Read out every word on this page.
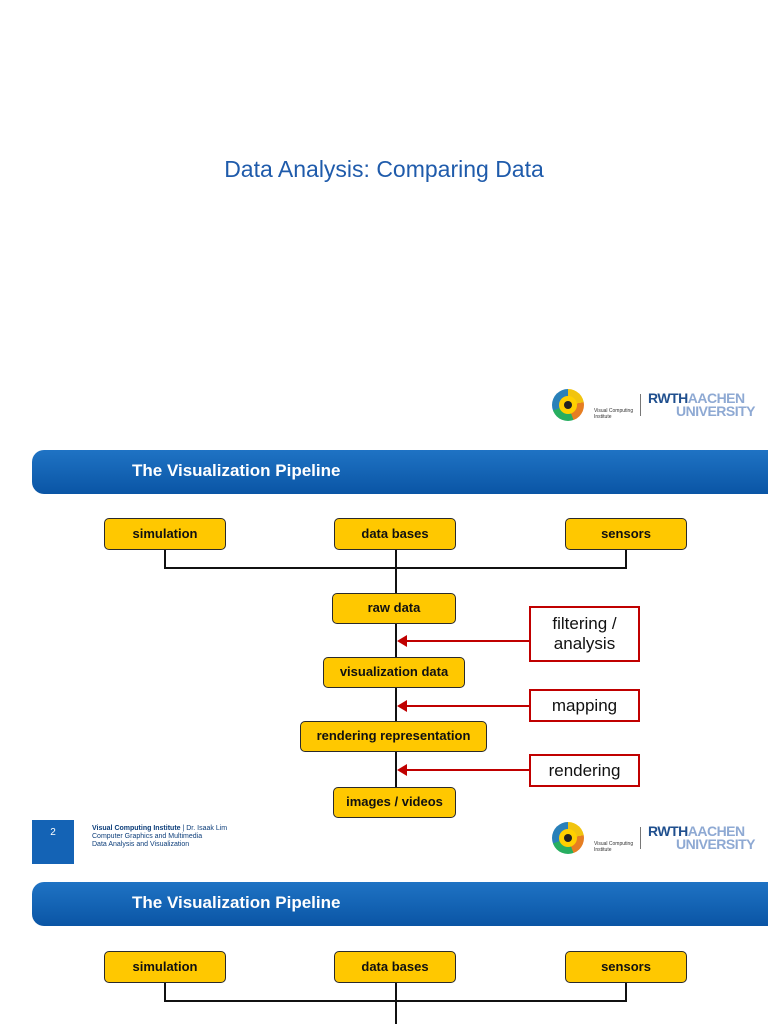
Data Analysis: Comparing Data
Visual Computing
Institute
RWTHAACHEN
UNIVERSITY
The Visualization Pipeline
simulation	data bases	sensors
raw data
visualization data
rendering representation
images / videos
filtering /
analysis
mapping
rendering
2	Visual Computing Institute | Dr. Isaak Lim
Computer Graphics and Multimedia
Data Analysis and Visualization	Visual Computing
Institute
RWTHAACHEN
UNIVERSITY
The Visualization Pipeline
simulation	data bases	sensors
